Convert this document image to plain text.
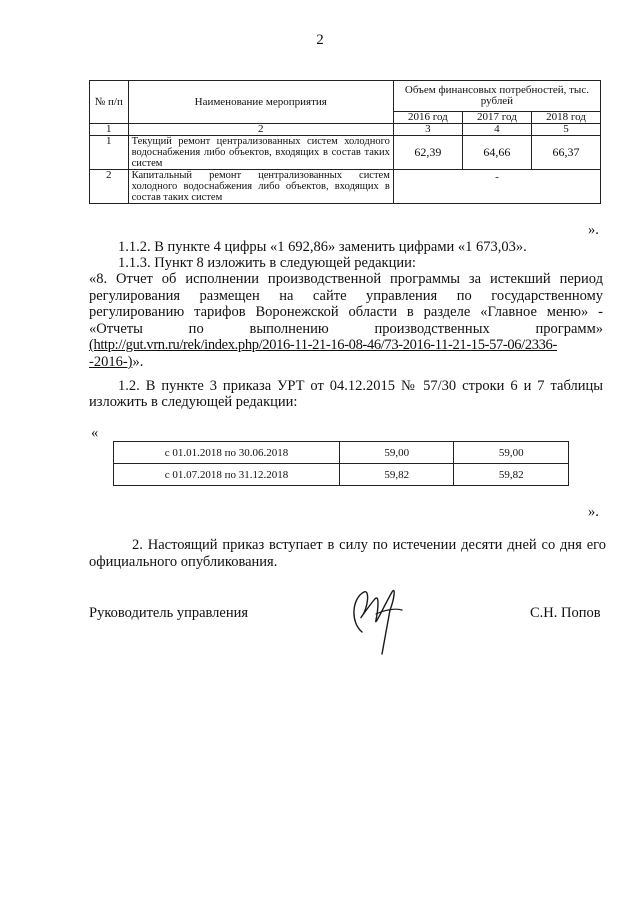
2
№ п/п	Наименование мероприятия	Объем финансовых потребностей, тыс. рублей		
		2016 год	2017 год	2018 год
1	2	3	4	5
1	Текущий ремонт централизованных систем холодного водоснабжения либо объектов, входящих в состав таких систем	62,39	64,66	66,37
2	Капитальный ремонт централизованных систем холодного водоснабжения либо объектов, входящих в состав таких систем	-		
».
1.1.2. В пункте 4 цифры «1 692,86» заменить цифрами «1 673,03».
1.1.3. Пункт 8 изложить в следующей редакции:
«8. Отчет об исполнении производственной программы за истекший период
регулирования размещен на сайте управления по государственному
регулированию тарифов Воронежской области в разделе «Главное меню» -
«Отчеты по выполнению производственных программ»
(http://gut.vrn.ru/rek/index.php/2016-11-21-16-08-46/73-2016-11-21-15-57-06/2336-
-2016-)».
1.2. В пункте 3 приказа УРТ от 04.12.2015 № 57/30 строки 6 и 7 таблицы
изложить в следующей редакции:
«
с 01.01.2018 по 30.06.2018	59,00	59,00
с 01.07.2018 по 31.12.2018	59,82	59,82
».
2. Настоящий приказ вступает в силу по истечении десяти дней со дня его
официального опубликования.
Руководитель управления	С.Н. Попов
